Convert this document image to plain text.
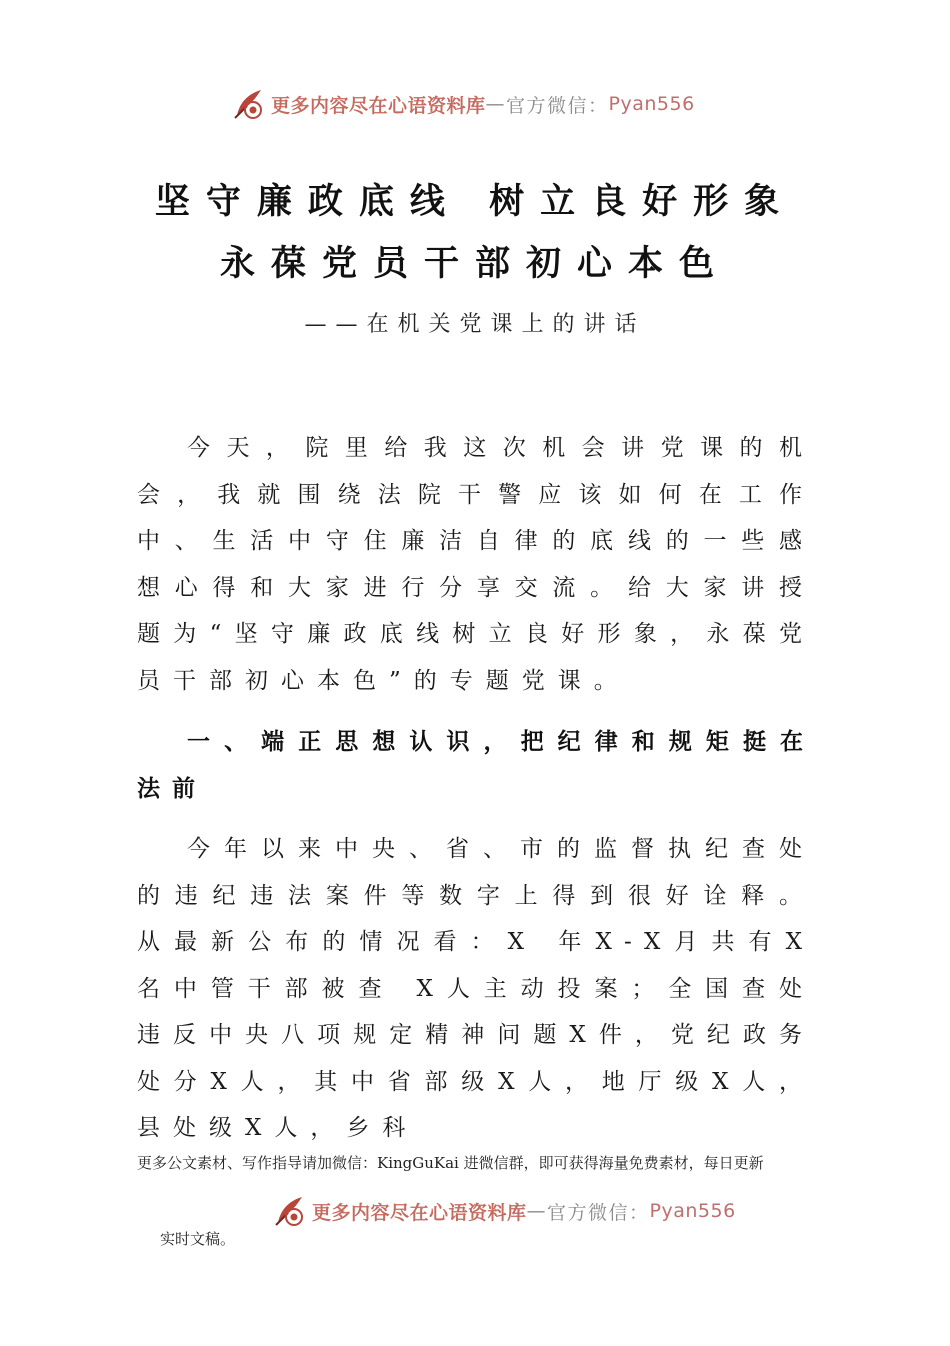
更多内容尽在心语资料库 — 官方微信： Pyan556
坚守廉政底线 树立良好形象
永葆党员干部初心本色
——在机关党课上的讲话
今天，院里给我这次机会讲党课的机会，我就围绕法院干警应该如何在工作中、生活中守住廉洁自律的底线的一些感想心得和大家进行分享交流。给大家讲授题为“坚守廉政底线树立良好形象，永葆党员干部初心本色”的专题党课。
一、端正思想认识，把纪律和规矩挺在法前
今年以来中央、省、市的监督执纪查处的违纪违法案件等数字上得到很好诠释。从最新公布的情况看：X 年X-X月共有X 名中管干部被查 X人主动投案；全国查处违反中央八项规定精神问题X件，党纪政务处分X人，其中省部级X人，地厅级X人，县处级X人，乡科
更多公文素材、写作指导请加微信：KingGuKai 进微信群，即可获得海量免费素材，每日更新
更多内容尽在心语资料库 — 官方微信： Pyan556
实时文稿。
